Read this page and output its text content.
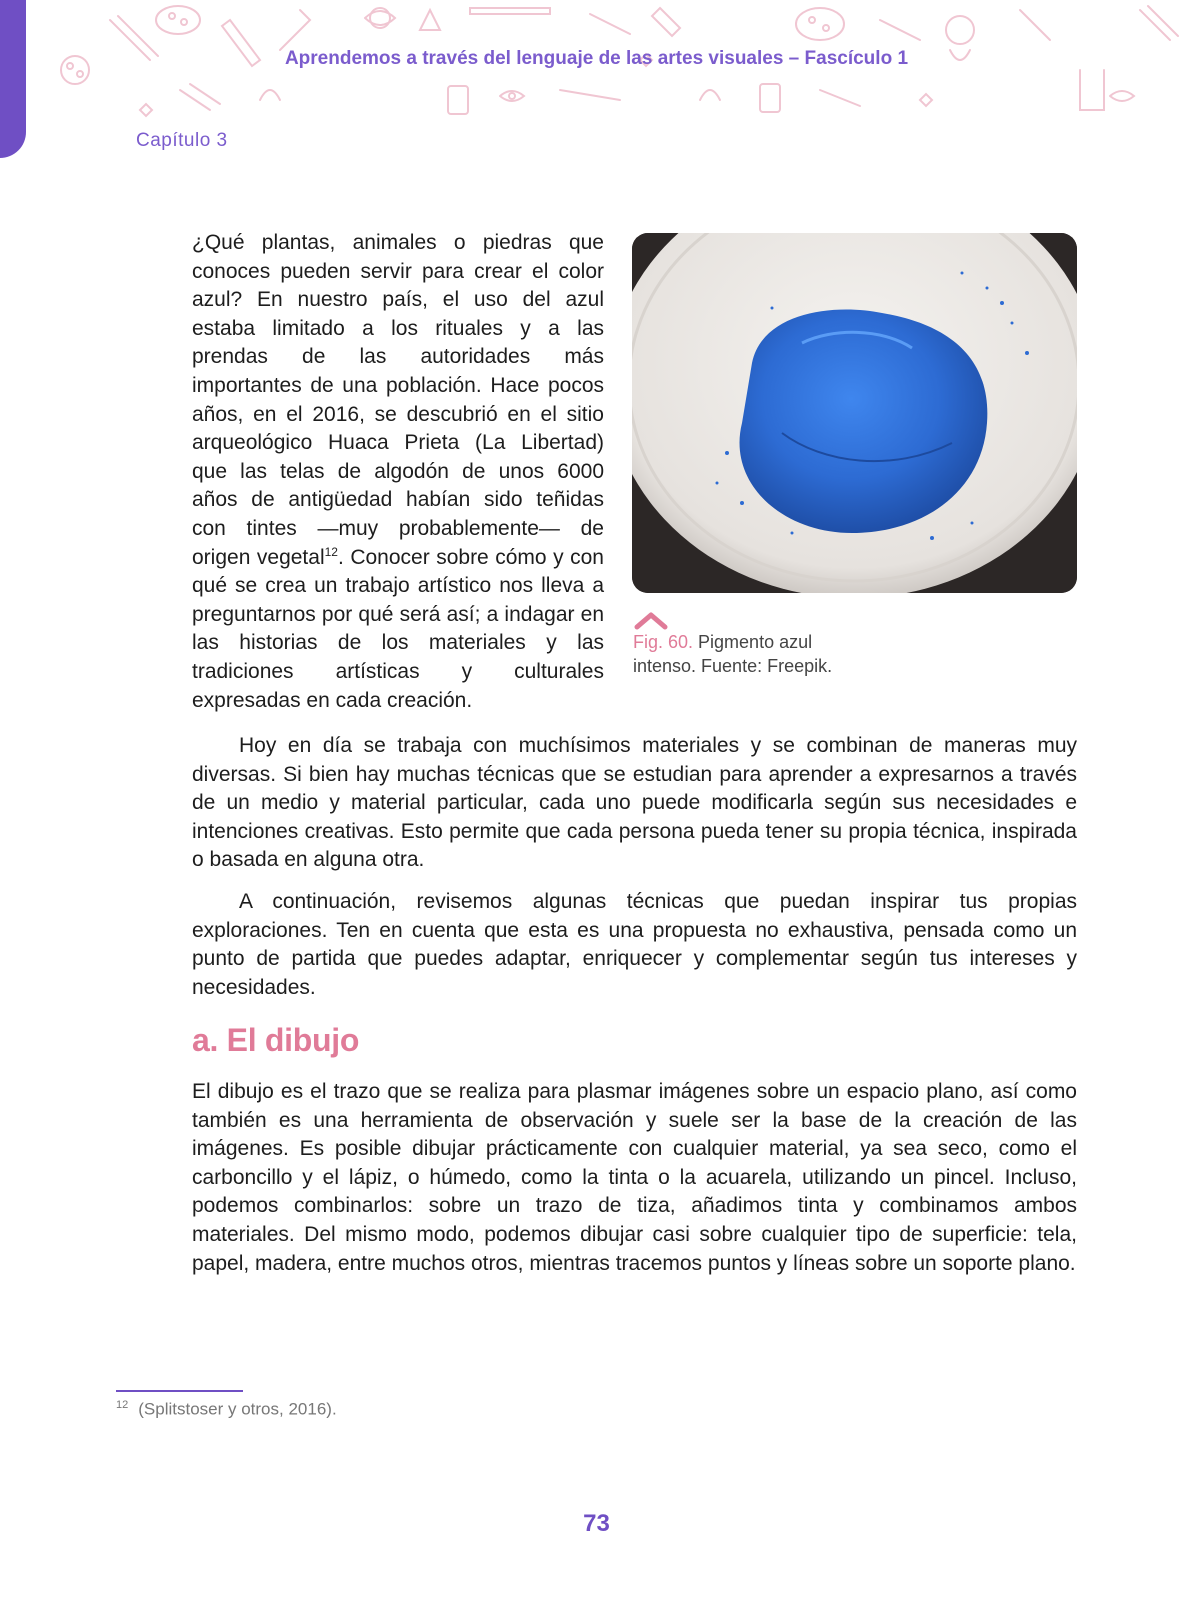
Aprendemos a través del lenguaje de las artes visuales – Fascículo 1
Capítulo 3

¿Qué plantas, animales o piedras que conoces pueden servir para crear el color azul? En nuestro país, el uso del azul estaba limitado a los rituales y a las prendas de las autoridades más importantes de una población. Hace pocos años, en el 2016, se descubrió en el sitio arqueológico Huaca Prieta (La Libertad) que las telas de algodón de unos 6000 años de antigüedad habían sido teñidas con tintes —muy probablemente— de origen vegetal$^{12}$. Conocer sobre cómo y con qué se crea un trabajo artístico nos lleva a preguntarnos por qué será así; a indagar en las historias de los materiales y las tradiciones artísticas y culturales expresadas en cada creación.

Fig. 60. Pigmento azul intenso. Fuente: Freepik.

Hoy en día se trabaja con muchísimos materiales y se combinan de maneras muy diversas. Si bien hay muchas técnicas que se estudian para aprender a expresarnos a través de un medio y material particular, cada uno puede modificarla según sus necesidades e intenciones creativas. Esto permite que cada persona pueda tener su propia técnica, inspirada o basada en alguna otra.

A continuación, revisemos algunas técnicas que puedan inspirar tus propias exploraciones. Ten en cuenta que esta es una propuesta no exhaustiva, pensada como un punto de partida que puedes adaptar, enriquecer y complementar según tus intereses y necesidades.

a. El dibujo

El dibujo es el trazo que se realiza para plasmar imágenes sobre un espacio plano, así como también es una herramienta de observación y suele ser la base de la creación de las imágenes. Es posible dibujar prácticamente con cualquier material, ya sea seco, como el carboncillo y el lápiz, o húmedo, como la tinta o la acuarela, utilizando un pincel. Incluso, podemos combinarlos: sobre un trazo de tiza, añadimos tinta y combinamos ambos materiales. Del mismo modo, podemos dibujar casi sobre cualquier tipo de superficie: tela, papel, madera, entre muchos otros, mientras tracemos puntos y líneas sobre un soporte plano.

$^{12}$ (Splitstoser y otros, 2016).
73
